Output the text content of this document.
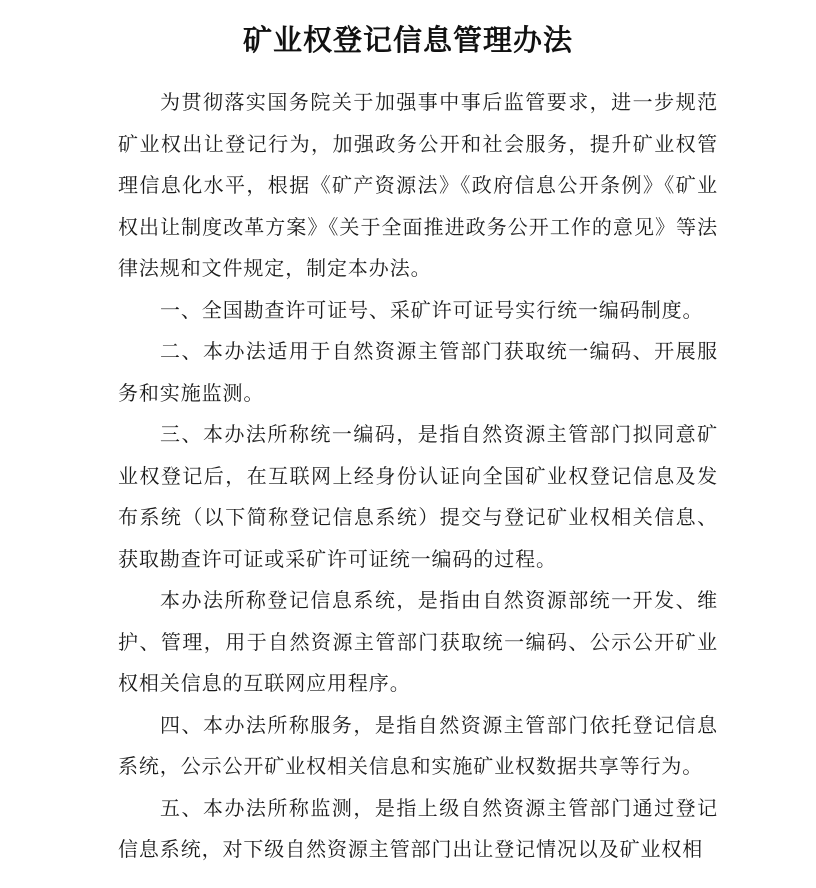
矿业权登记信息管理办法

为贯彻落实国务院关于加强事中事后监管要求，进一步规范矿业权出让登记行为，加强政务公开和社会服务，提升矿业权管理信息化水平，根据《矿产资源法》《政府信息公开条例》《矿业权出让制度改革方案》《关于全面推进政务公开工作的意见》等法律法规和文件规定，制定本办法。

一、全国勘查许可证号、采矿许可证号实行统一编码制度。

二、本办法适用于自然资源主管部门获取统一编码、开展服务和实施监测。

三、本办法所称统一编码，是指自然资源主管部门拟同意矿业权登记后，在互联网上经身份认证向全国矿业权登记信息及发布系统（以下简称登记信息系统）提交与登记矿业权相关信息、获取勘查许可证或采矿许可证统一编码的过程。

本办法所称登记信息系统，是指由自然资源部统一开发、维护、管理，用于自然资源主管部门获取统一编码、公示公开矿业权相关信息的互联网应用程序。

四、本办法所称服务，是指自然资源主管部门依托登记信息系统，公示公开矿业权相关信息和实施矿业权数据共享等行为。

五、本办法所称监测，是指上级自然资源主管部门通过登记信息系统，对下级自然资源主管部门出让登记情况以及矿业权相
